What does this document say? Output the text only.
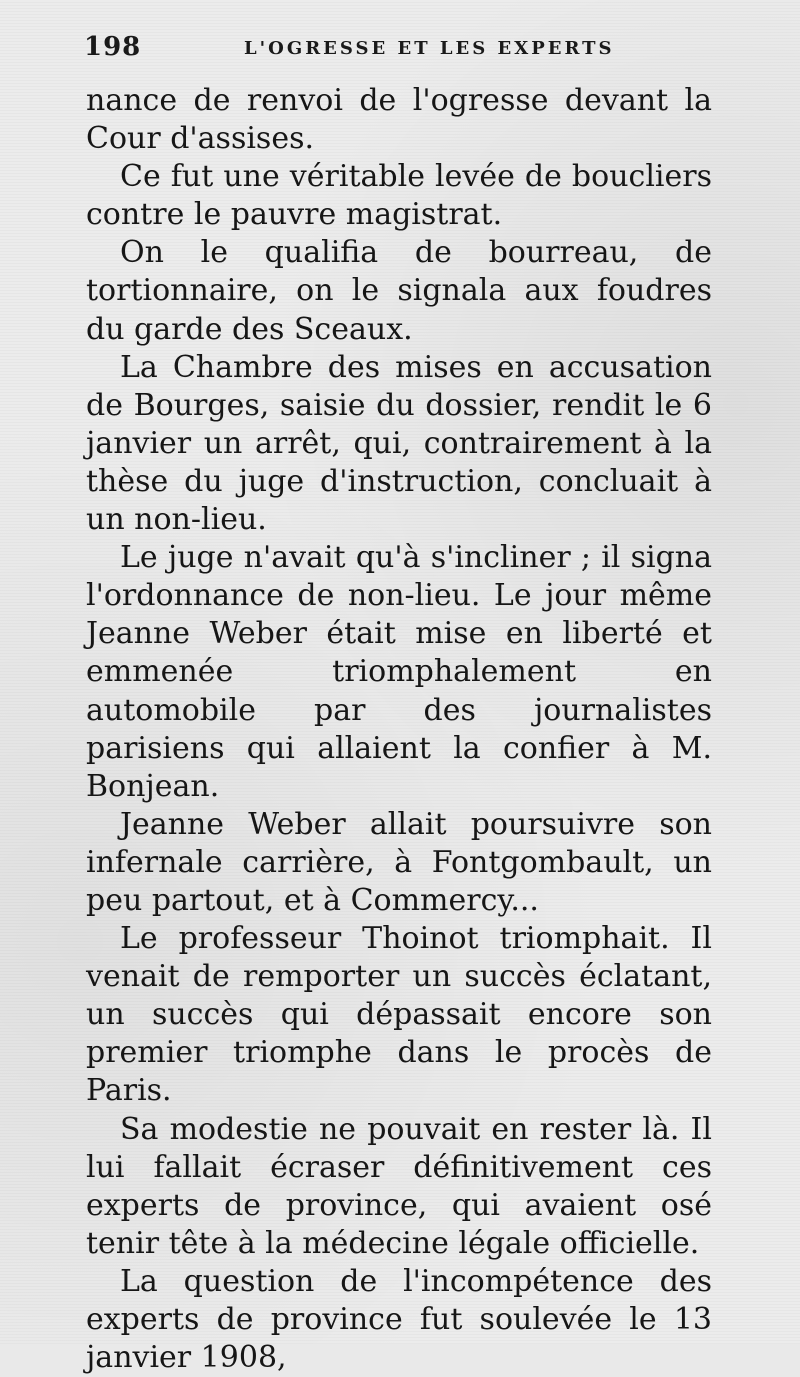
198	L'OGRESSE ET LES EXPERTS

nance de renvoi de l'ogresse devant la Cour d'assises.

Ce fut une véritable levée de boucliers contre le pauvre magistrat.

On le qualifia de bourreau, de tortionnaire, on le signala aux foudres du garde des Sceaux.

La Chambre des mises en accusation de Bourges, saisie du dossier, rendit le 6 janvier un arrêt, qui, contrairement à la thèse du juge d'instruction, concluait à un non-lieu.

Le juge n'avait qu'à s'incliner ; il signa l'ordonnance de non-lieu. Le jour même Jeanne Weber était mise en liberté et emmenée triomphalement en automobile par des journalistes parisiens qui allaient la confier à M. Bonjean.

Jeanne Weber allait poursuivre son infernale carrière, à Fontgombault, un peu partout, et à Commercy...

Le professeur Thoinot triomphait. Il venait de remporter un succès éclatant, un succès qui dépassait encore son premier triomphe dans le procès de Paris.

Sa modestie ne pouvait en rester là. Il lui fallait écraser définitivement ces experts de province, qui avaient osé tenir tête à la médecine légale officielle.

La question de l'incompétence des experts de province fut soulevée le 13 janvier 1908,
